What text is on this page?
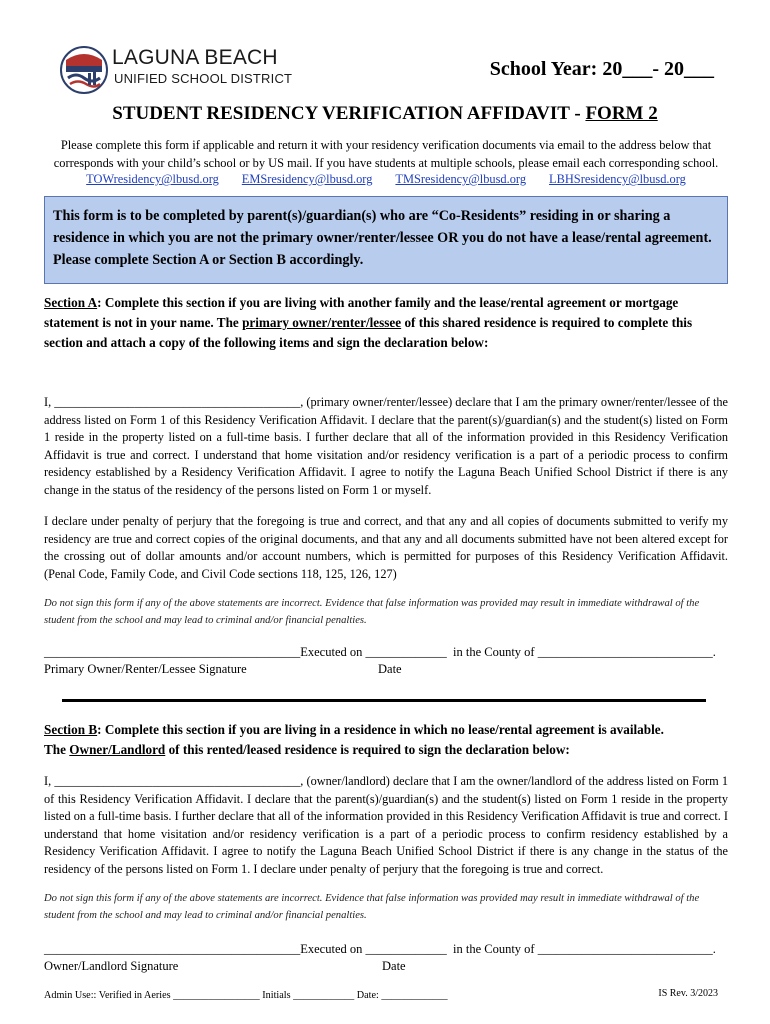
LAGUNA BEACH
UNIFIED SCHOOL DISTRICT	School Year: 20___- 20___
STUDENT RESIDENCY VERIFICATION AFFIDAVIT - FORM 2
Please complete this form if applicable and return it with your residency verification documents via email to the address below that corresponds with your child’s school or by US mail. If you have students at multiple schools, please email each corresponding school.
TOWresidency@lbusd.org EMSresidency@lbusd.org TMSresidency@lbusd.org LBHSresidency@lbusd.org
This form is to be completed by parent(s)/guardian(s) who are “Co-Residents” residing in or sharing a residence in which you are not the primary owner/renter/lessee OR you do not have a lease/rental agreement. Please complete Section A or Section B accordingly.
Section A: Complete this section if you are living with another family and the lease/rental agreement or mortgage statement is not in your name. The primary owner/renter/lessee of this shared residence is required to complete this section and attach a copy of the following items and sign the declaration below:
I, ________________________________________, (primary owner/renter/lessee) declare that I am the primary owner/renter/lessee of the address listed on Form 1 of this Residency Verification Affidavit. I declare that the parent(s)/guardian(s) and the student(s) listed on Form 1 reside in the property listed on a full-time basis. I further declare that all of the information provided in this Residency Verification Affidavit is true and correct. I understand that home visitation and/or residency verification is a part of a periodic process to confirm residency established by a Residency Verification Affidavit. I agree to notify the Laguna Beach Unified School District if there is any change in the status of the residency of the persons listed on Form 1 or myself.
I declare under penalty of perjury that the foregoing is true and correct, and that any and all copies of documents submitted to verify my residency are true and correct copies of the original documents, and that any and all documents submitted have not been altered except for the crossing out of dollar amounts and/or account numbers, which is permitted for purposes of this Residency Verification Affidavit. (Penal Code, Family Code, and Civil Code sections 118, 125, 126, 127)
Do not sign this form if any of the above statements are incorrect. Evidence that false information was provided may result in immediate withdrawal of the student from the school and may lead to criminal and/or financial penalties.
_________________________________________Executed on _____________  in the County of ____________________________.
Primary Owner/Renter/Lessee Signature	Date
Section B: Complete this section if you are living in a residence in which no lease/rental agreement is available.
The Owner/Landlord of this rented/leased residence is required to sign the declaration below:
I, ________________________________________, (owner/landlord) declare that I am the owner/landlord of the address listed on Form 1 of this Residency Verification Affidavit. I declare that the parent(s)/guardian(s) and the student(s) listed on Form 1 reside in the property listed on a full-time basis. I further declare that all of the information provided in this Residency Verification Affidavit is true and correct. I understand that home visitation and/or residency verification is a part of a periodic process to confirm residency established by a Residency Verification Affidavit. I agree to notify the Laguna Beach Unified School District if there is any change in the status of the residency of the persons listed on Form 1. I declare under penalty of perjury that the foregoing is true and correct.
Do not sign this form if any of the above statements are incorrect. Evidence that false information was provided may result in immediate withdrawal of the student from the school and may lead to criminal and/or financial penalties.
_________________________________________Executed on _____________  in the County of ____________________________.
Owner/Landlord Signature	Date
Admin Use:: Verified in Aeries _________________ Initials ____________ Date: _____________	IS Rev. 3/2023
